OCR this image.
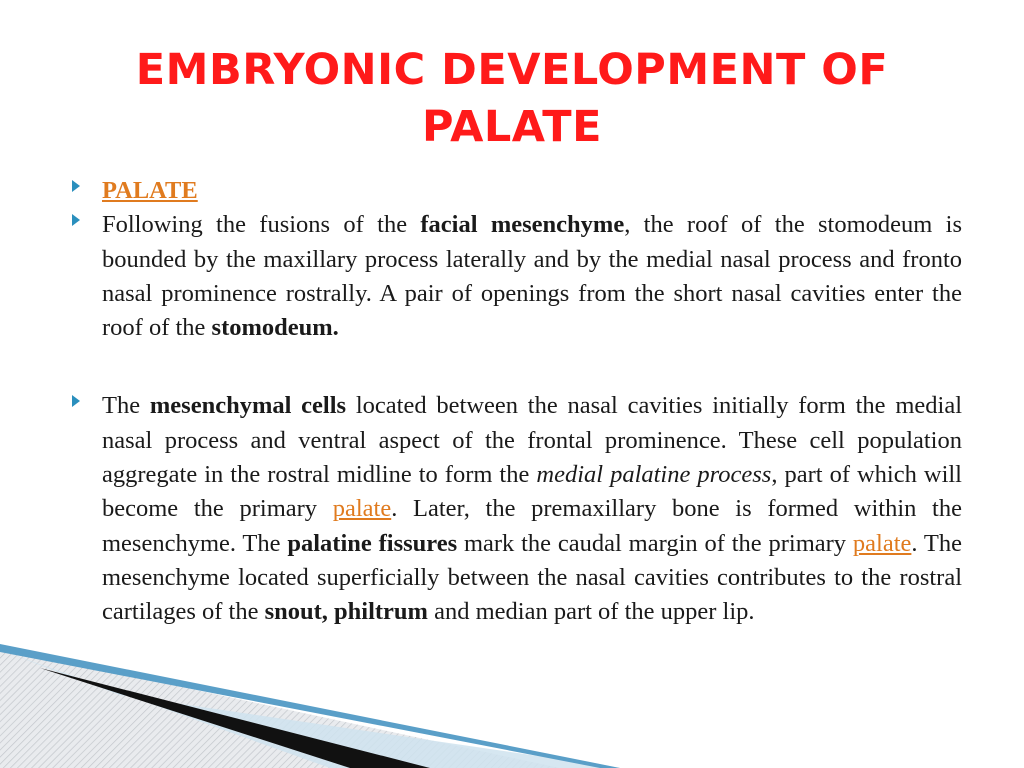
EMBRYONIC DEVELOPMENT OF
PALATE
PALATE
Following the fusions of the facial mesenchyme, the roof of the stomodeum is bounded by the maxillary process laterally and by the medial nasal process and fronto nasal prominence rostrally. A pair of openings from the short nasal cavities enter the roof of the stomodeum.
The mesenchymal cells located between the nasal cavities initially form the medial nasal process and ventral aspect of the frontal prominence. These cell population aggregate in the rostral midline to form the medial palatine process, part of which will become the primary palate. Later, the premaxillary bone is formed within the mesenchyme. The palatine fissures mark the caudal margin of the primary palate. The mesenchyme located superficially between the nasal cavities contributes to the rostral cartilages of the snout, philtrum and median part of the upper lip.
